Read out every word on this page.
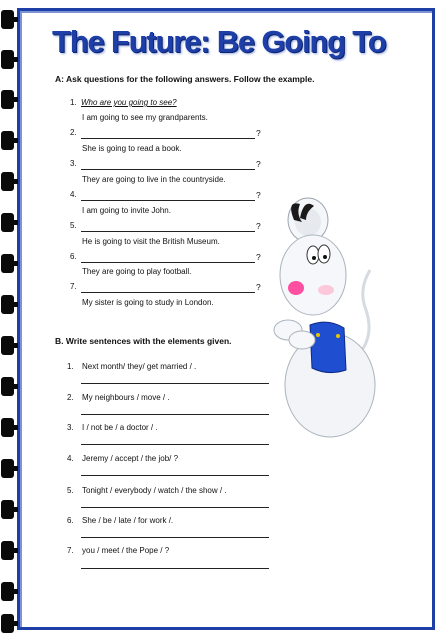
The Future: Be Going To
A: Ask questions for the following answers. Follow the example.
1. Who are you going to see?
I am going to see my grandparents.
2.	?
She is going to read a book.
3.	?
They are going to live in the countryside.
4.	?
I am going to invite John.
5.	?
He is going to visit the British Museum.
6.	?
They are going to play football.
7.	?
My sister is going to study in London.
B. Write sentences with the elements given.
1. Next month/ they/ get married / .
2. My neighbours / move / .
3. I / not be / a doctor / .
4. Jeremy / accept / the job/ ?
5. Tonight / everybody / watch / the show / .
6. She / be / late / for work /.
7. you / meet / the Pope / ?
